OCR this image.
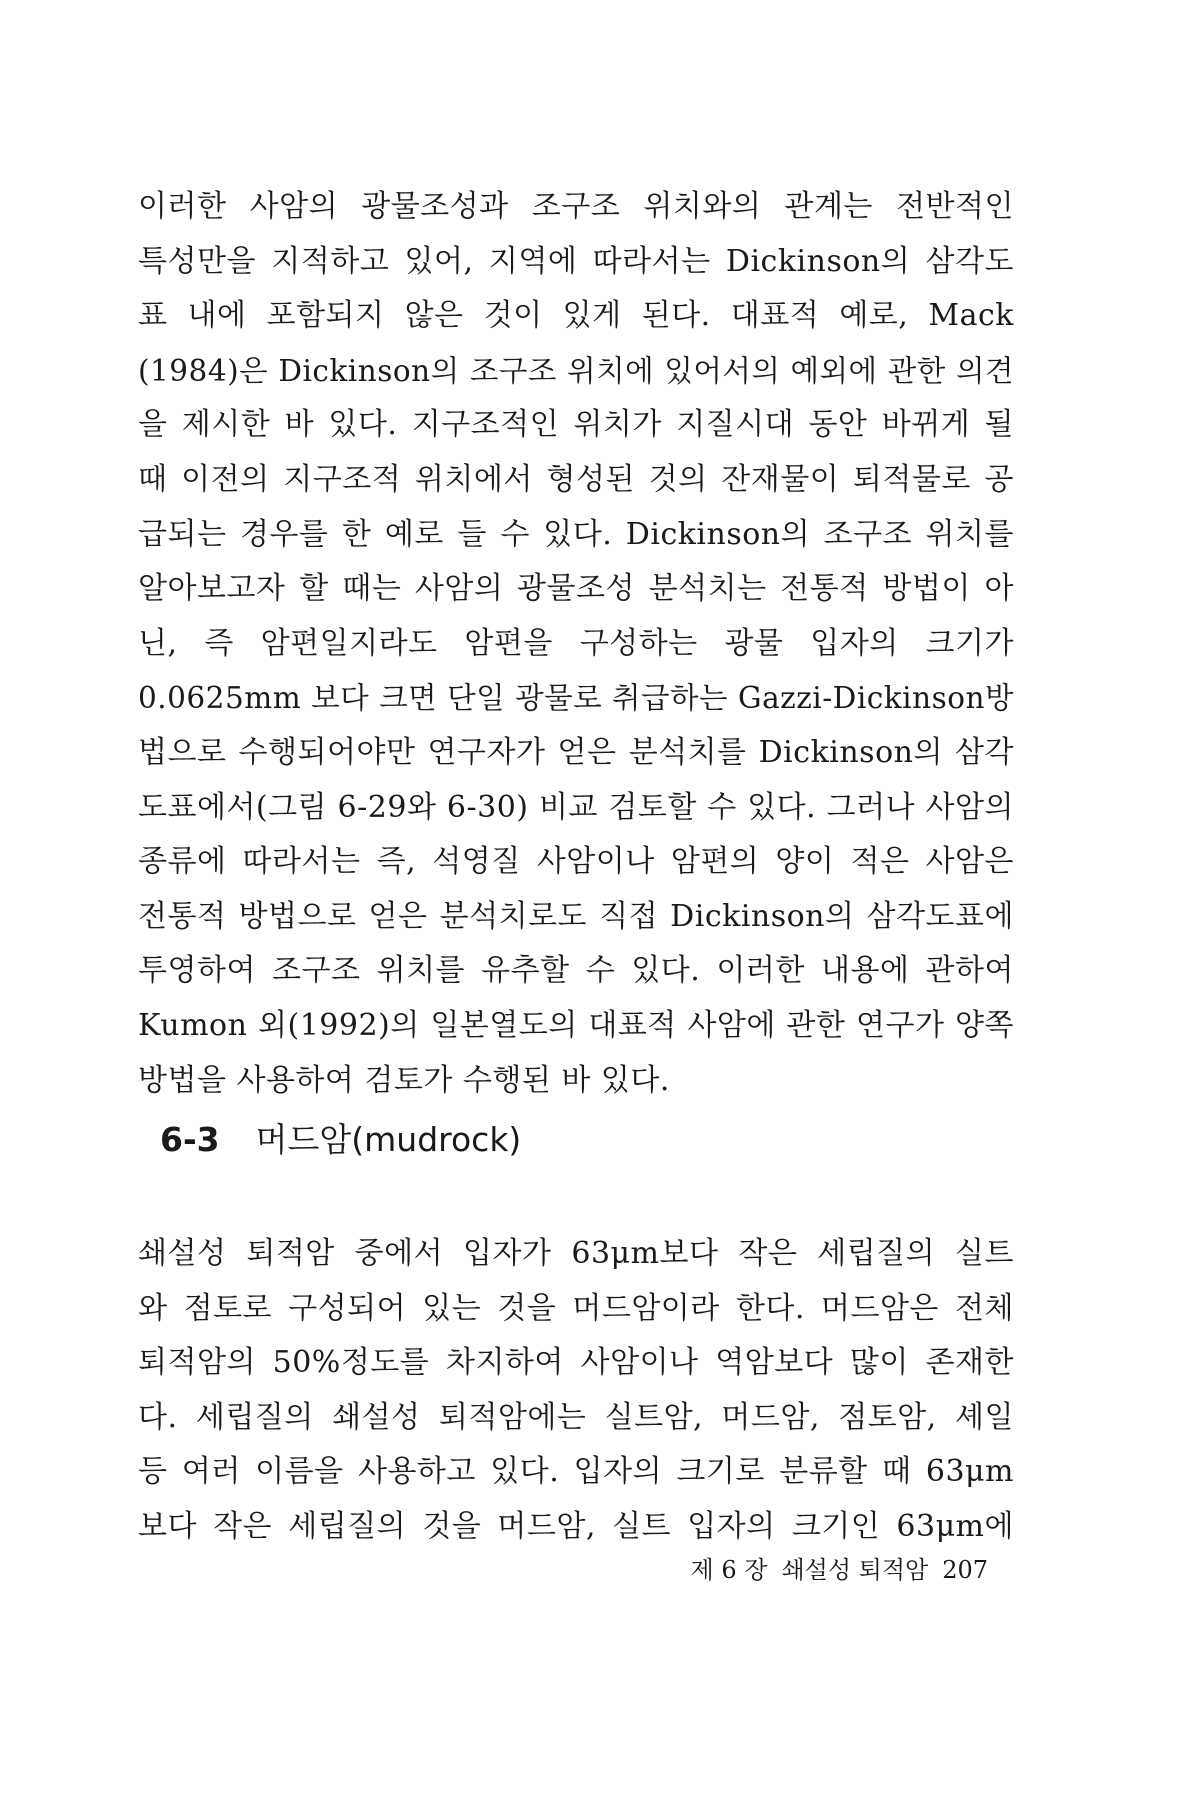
이러한 사암의 광물조성과 조구조 위치와의 관계는 전반적인
특성만을 지적하고 있어, 지역에 따라서는 Dickinson의 삼각도
표 내에 포함되지 않은 것이 있게 된다. 대표적 예로, Mack
(1984)은 Dickinson의 조구조 위치에 있어서의 예외에 관한 의견
을 제시한 바 있다. 지구조적인 위치가 지질시대 동안 바뀌게 될
때 이전의 지구조적 위치에서 형성된 것의 잔재물이 퇴적물로 공
급되는 경우를 한 예로 들 수 있다. Dickinson의 조구조 위치를
알아보고자 할 때는 사암의 광물조성 분석치는 전통적 방법이 아
닌, 즉 암편일지라도 암편을 구성하는 광물 입자의 크기가
0.0625mm 보다 크면 단일 광물로 취급하는 Gazzi-Dickinson방
법으로 수행되어야만 연구자가 얻은 분석치를 Dickinson의 삼각
도표에서(그림 6-29와 6-30) 비교 검토할 수 있다. 그러나 사암의
종류에 따라서는 즉, 석영질 사암이나 암편의 양이 적은 사암은
전통적 방법으로 얻은 분석치로도 직접 Dickinson의 삼각도표에
투영하여 조구조 위치를 유추할 수 있다. 이러한 내용에 관하여
Kumon 외(1992)의 일본열도의 대표적 사암에 관한 연구가 양쪽
방법을 사용하여 검토가 수행된 바 있다.
6-3 머드암(mudrock)
쇄설성 퇴적암 중에서 입자가 63μm보다 작은 세립질의 실트
와 점토로 구성되어 있는 것을 머드암이라 한다. 머드암은 전체
퇴적암의 50%정도를 차지하여 사암이나 역암보다 많이 존재한
다. 세립질의 쇄설성 퇴적암에는 실트암, 머드암, 점토암, 셰일
등 여러 이름을 사용하고 있다. 입자의 크기로 분류할 때 63μm
보다 작은 세립질의 것을 머드암, 실트 입자의 크기인 63μm에
제 6 장 쇄설성 퇴적암 207
